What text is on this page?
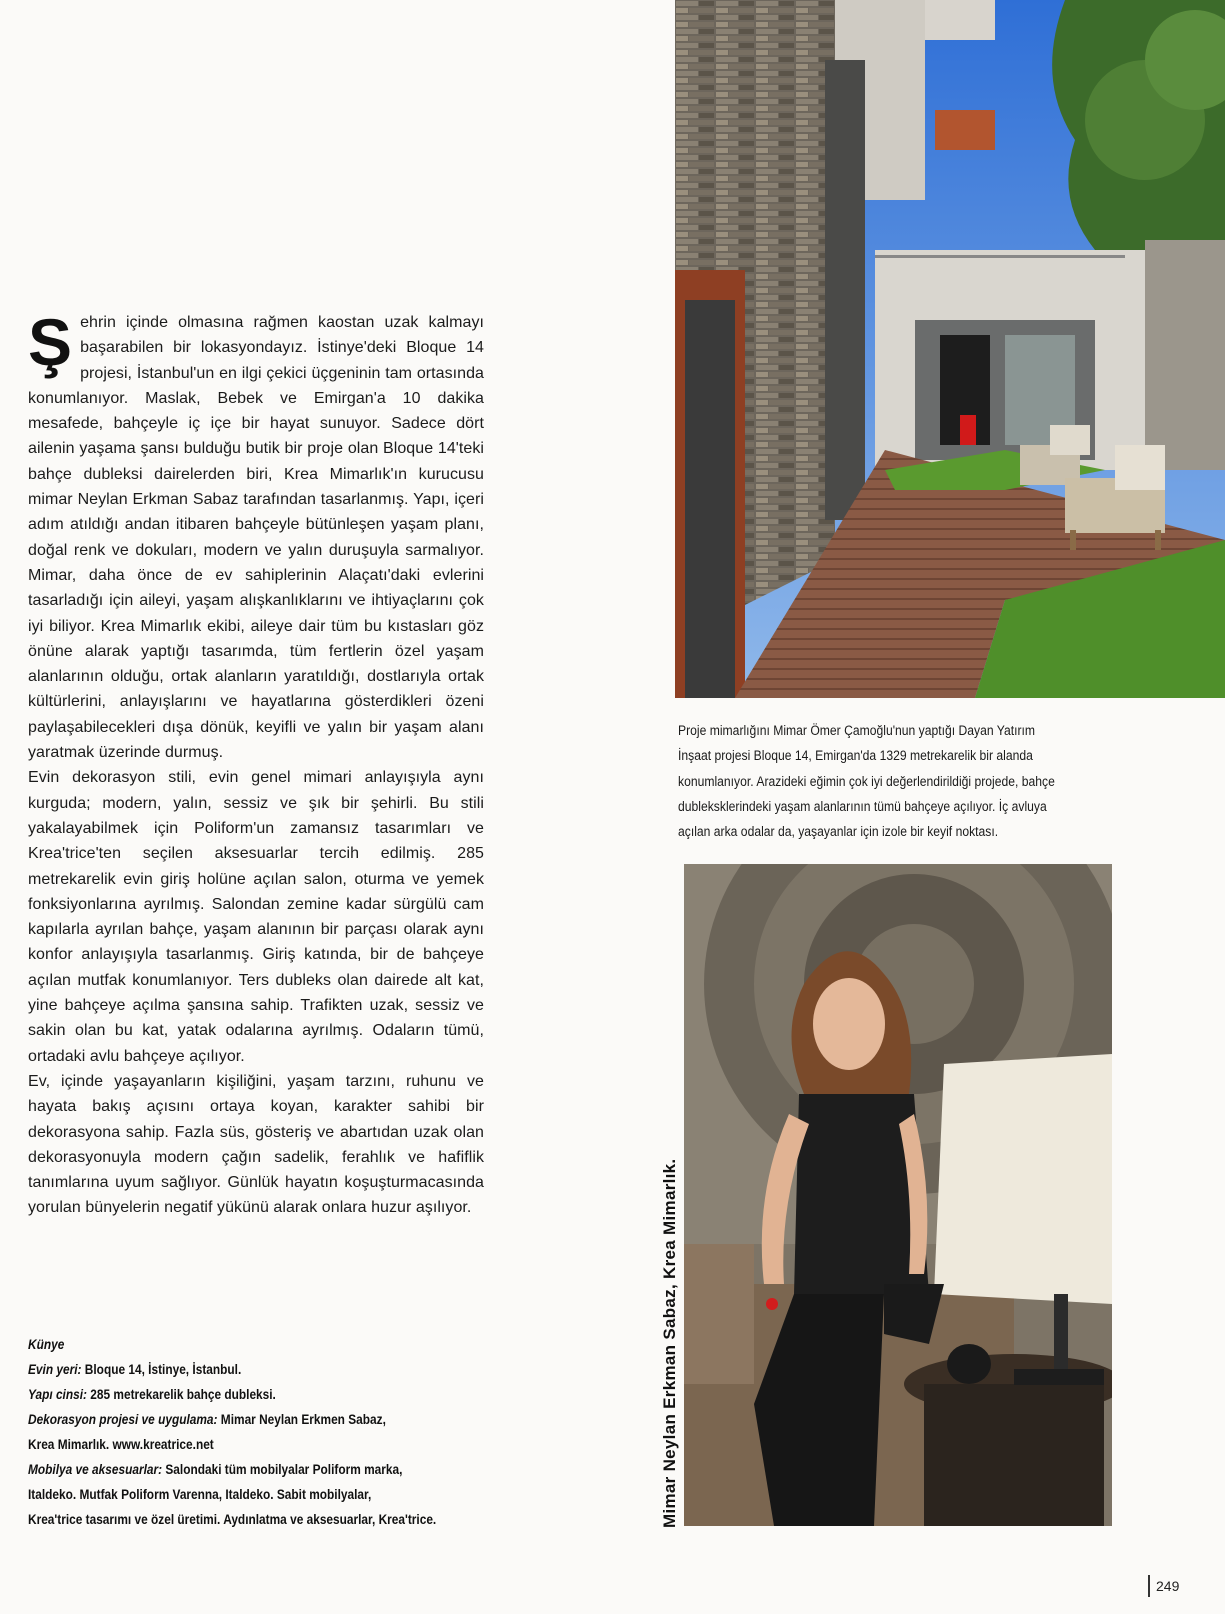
Şehrin içinde olmasına rağmen kaostan uzak kalmayı başarabilen bir lokasyondayız. İstinye'deki Bloque 14 projesi, İstanbul'un en ilgi çekici üçgeninin tam ortasında konumlanıyor. Maslak, Bebek ve Emirgan'a 10 dakika mesafede, bahçeyle iç içe bir hayat sunuyor. Sadece dört ailenin yaşama şansı bulduğu butik bir proje olan Bloque 14'teki bahçe dubleksi dairelerden biri, Krea Mimarlık'ın kurucusu mimar Neylan Erkman Sabaz tarafından tasarlanmış. Yapı, içeri adım atıldığı andan itibaren bahçeyle bütünleşen yaşam planı, doğal renk ve dokuları, modern ve yalın duruşuyla sarmalıyor. Mimar, daha önce de ev sahiplerinin Alaçatı'daki evlerini tasarladığı için aileyi, yaşam alışkanlıklarını ve ihtiyaçlarını çok iyi biliyor. Krea Mimarlık ekibi, aileye dair tüm bu kıstasları göz önüne alarak yaptığı tasarımda, tüm fertlerin özel yaşam alanlarının olduğu, ortak alanların yaratıldığı, dostlarıyla ortak kültürlerini, anlayışlarını ve hayatlarına gösterdikleri özeni paylaşabilecekleri dışa dönük, keyifli ve yalın bir yaşam alanı yaratmak üzerinde durmuş.

Evin dekorasyon stili, evin genel mimari anlayışıyla aynı kurguda; modern, yalın, sessiz ve şık bir şehirli. Bu stili yakalayabilmek için Poliform'un zamansız tasarımları ve Krea'trice'ten seçilen aksesuarlar tercih edilmiş. 285 metrekarelik evin giriş holüne açılan salon, oturma ve yemek fonksiyonlarına ayrılmış. Salondan zemine kadar sürgülü cam kapılarla ayrılan bahçe, yaşam alanının bir parçası olarak aynı konfor anlayışıyla tasarlanmış. Giriş katında, bir de bahçeye açılan mutfak konumlanıyor. Ters dubleks olan dairede alt kat, yine bahçeye açılma şansına sahip. Trafikten uzak, sessiz ve sakin olan bu kat, yatak odalarına ayrılmış. Odaların tümü, ortadaki avlu bahçeye açılıyor.

Ev, içinde yaşayanların kişiliğini, yaşam tarzını, ruhunu ve hayata bakış açısını ortaya koyan, karakter sahibi bir dekorasyona sahip. Fazla süs, gösteriş ve abartıdan uzak olan dekorasyonuyla modern çağın sadelik, ferahlık ve hafiflik tanımlarına uyum sağlıyor. Günlük hayatın koşuşturmacasında yorulan bünyelerin negatif yükünü alarak onlara huzur aşılıyor.

Künye
Evin yeri: Bloque 14, İstinye, İstanbul.
Yapı cinsi: 285 metrekarelik bahçe dubleksi.
Dekorasyon projesi ve uygulama: Mimar Neylan Erkmen Sabaz,
Krea Mimarlık. www.kreatrice.net
Mobilya ve aksesuarlar: Salondaki tüm mobilyalar Poliform marka,
Italdeko. Mutfak Poliform Varenna, Italdeko. Sabit mobilyalar,
Krea'trice tasarımı ve özel üretimi. Aydınlatma ve aksesuarlar, Krea'trice.
Proje mimarlığını Mimar Ömer Çamoğlu'nun yaptığı Dayan Yatırım
İnşaat projesi Bloque 14, Emirgan'da 1329 metrekarelik bir alanda
konumlanıyor. Arazideki eğimin çok iyi değerlendirildiği projede, bahçe
dubleksklerindeki yaşam alanlarının tümü bahçeye açılıyor. İç avluya
açılan arka odalar da, yaşayanlar için izole bir keyif noktası.
Mimar Neylan Erkman Sabaz, Krea Mimarlık.
249
